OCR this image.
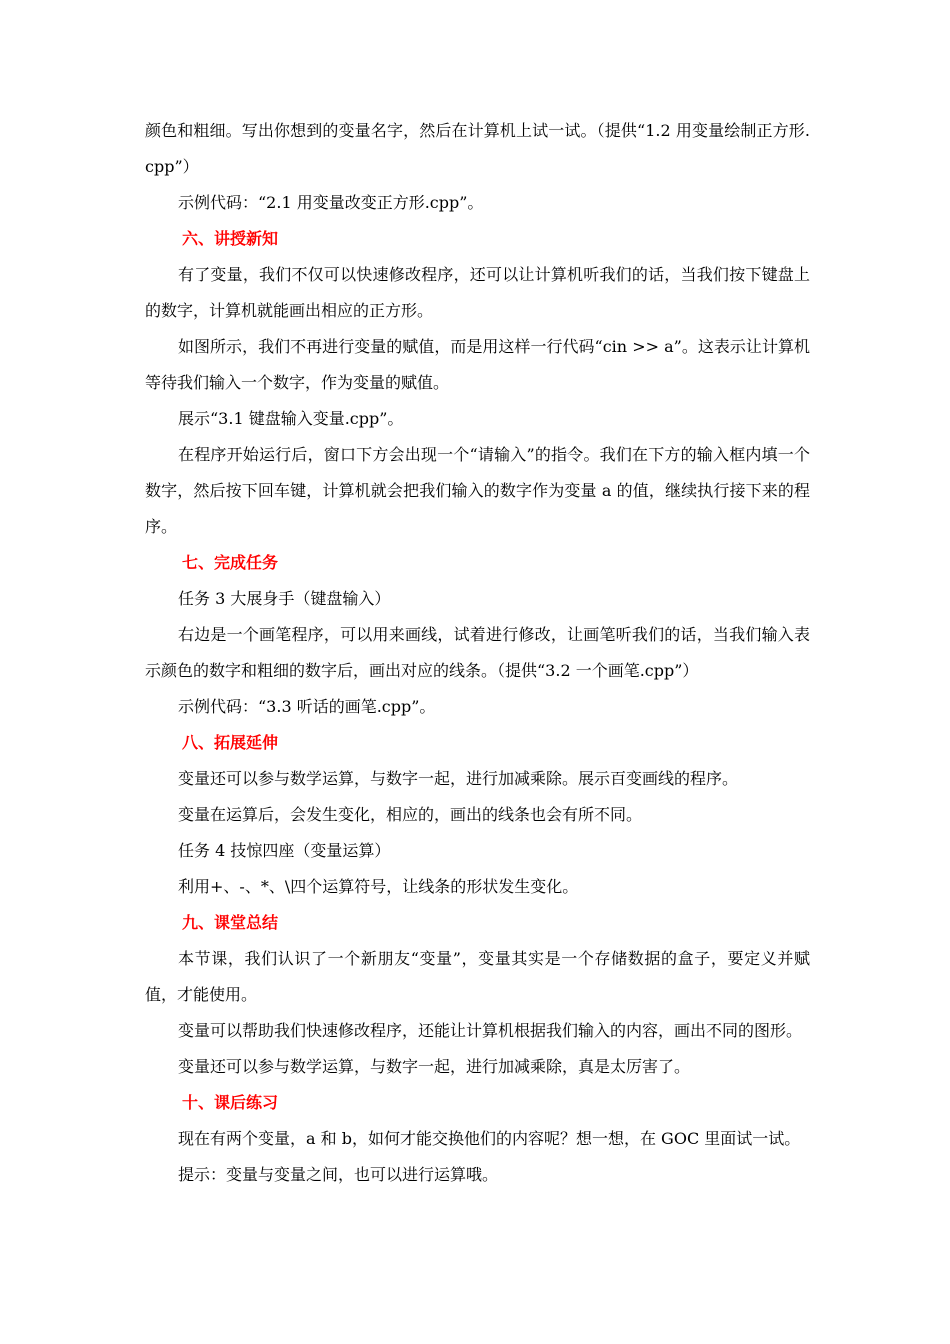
颜色和粗细。写出你想到的变量名字，然后在计算机上试一试。（提供“1.2 用变量绘制正方形.cpp”）

示例代码：“2.1 用变量改变正方形.cpp”。

六、讲授新知

有了变量，我们不仅可以快速修改程序，还可以让计算机听我们的话，当我们按下键盘上的数字，计算机就能画出相应的正方形。

如图所示，我们不再进行变量的赋值，而是用这样一行代码“cin >> a”。这表示让计算机等待我们输入一个数字，作为变量的赋值。

展示“3.1 键盘输入变量.cpp”。

在程序开始运行后，窗口下方会出现一个“请输入”的指令。我们在下方的输入框内填一个数字，然后按下回车键，计算机就会把我们输入的数字作为变量 a 的值，继续执行接下来的程序。

七、完成任务

任务 3 大展身手（键盘输入）

右边是一个画笔程序，可以用来画线，试着进行修改，让画笔听我们的话，当我们输入表示颜色的数字和粗细的数字后，画出对应的线条。（提供“3.2 一个画笔.cpp”）

示例代码：“3.3 听话的画笔.cpp”。

八、拓展延伸

变量还可以参与数学运算，与数字一起，进行加减乘除。展示百变画线的程序。

变量在运算后，会发生变化，相应的，画出的线条也会有所不同。

任务 4 技惊四座（变量运算）

利用+、-、*、\四个运算符号，让线条的形状发生变化。

九、课堂总结

本节课，我们认识了一个新朋友“变量”，变量其实是一个存储数据的盒子，要定义并赋值，才能使用。

变量可以帮助我们快速修改程序，还能让计算机根据我们输入的内容，画出不同的图形。

变量还可以参与数学运算，与数字一起，进行加减乘除，真是太厉害了。

十、课后练习

现在有两个变量，a 和 b，如何才能交换他们的内容呢？想一想，在 GOC 里面试一试。

提示：变量与变量之间，也可以进行运算哦。
